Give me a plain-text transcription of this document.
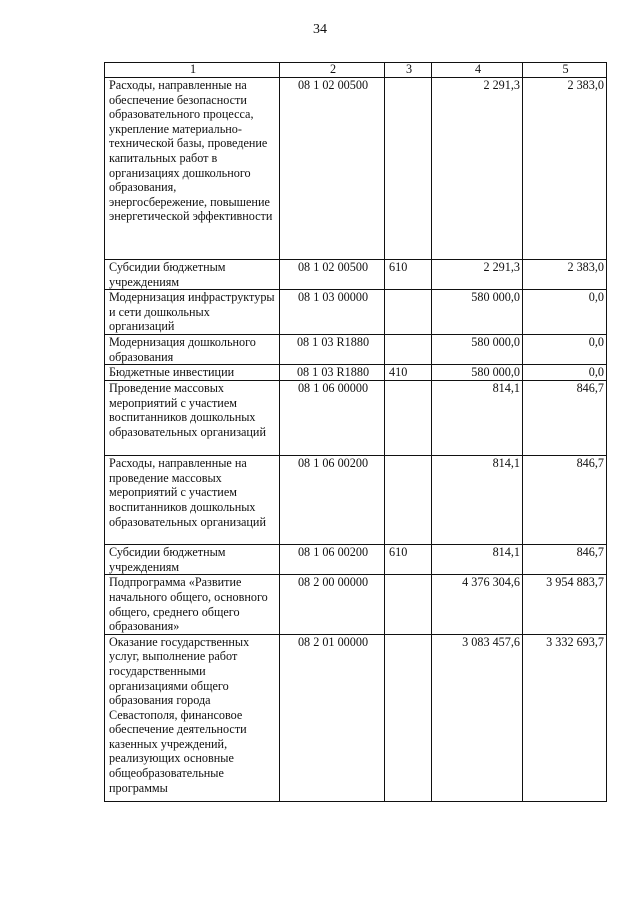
34
1	2	3	4	5
Расходы, направленные на обеспечение безопасности образовательного процесса, укрепление материально-технической базы, проведение капитальных работ в организациях дошкольного образования, энергосбережение, повышение энергетической эффективности	08 1 02 00500		2 291,3	2 383,0
Субсидии бюджетным учреждениям	08 1 02 00500	610	2 291,3	2 383,0
Модернизация инфраструктуры и сети дошкольных организаций	08 1 03 00000		580 000,0	0,0
Модернизация дошкольного образования	08 1 03 R1880		580 000,0	0,0
Бюджетные инвестиции	08 1 03 R1880	410	580 000,0	0,0
Проведение массовых мероприятий с участием воспитанников дошкольных образовательных организаций	08 1 06 00000		814,1	846,7
Расходы, направленные на проведение массовых мероприятий с участием воспитанников дошкольных образовательных организаций	08 1 06 00200		814,1	846,7
Субсидии бюджетным учреждениям	08 1 06 00200	610	814,1	846,7
Подпрограмма «Развитие начального общего, основного общего, среднего общего образования»	08 2 00 00000		4 376 304,6	3 954 883,7
Оказание государственных услуг, выполнение работ государственными организациями общего образования города Севастополя, финансовое обеспечение деятельности казенных учреждений, реализующих основные общеобразовательные программы	08 2 01 00000		3 083 457,6	3 332 693,7
